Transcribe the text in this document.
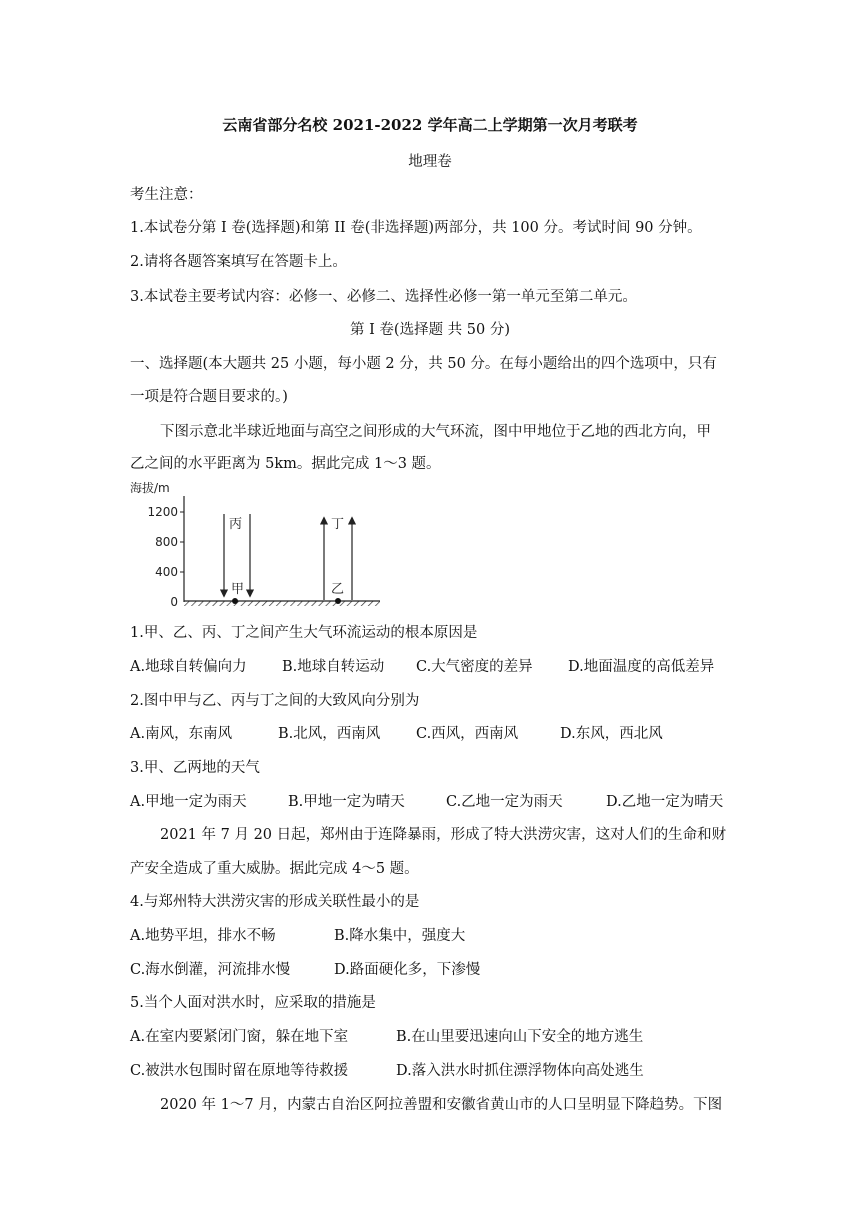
云南省部分名校 2021-2022 学年高二上学期第一次月考联考
地理卷
考生注意：
1.本试卷分第 I 卷(选择题)和第 II 卷(非选择题)两部分，共 100 分。考试时间 90 分钟。
2.请将各题答案填写在答题卡上。
3.本试卷主要考试内容：必修一、必修二、选择性必修一第一单元至第二单元。
第 I 卷(选择题 共 50 分)
一、选择题(本大题共 25 小题，每小题 2 分，共 50 分。在每小题给出的四个选项中，只有
一项是符合题目要求的。)
下图示意北半球近地面与高空之间形成的大气环流，图中甲地位于乙地的西北方向，甲
乙之间的水平距离为 5km。据此完成 1～3 题。
海拔/m
1200
800
400
0
丙
甲
丁
乙
1.甲、乙、丙、丁之间产生大气环流运动的根本原因是
A.地球自转偏向力 B.地球自转运动 C.大气密度的差异 D.地面温度的高低差异
2.图中甲与乙、丙与丁之间的大致风向分别为
A.南风，东南风	B.北风，西南风 C.西风，西南风	D.东风，西北风
3.甲、乙两地的天气
A.甲地一定为雨天	B.甲地一定为晴天	C.乙地一定为雨天	D.乙地一定为晴天
2021 年 7 月 20 日起，郑州由于连降暴雨，形成了特大洪涝灾害，这对人们的生命和财
产安全造成了重大威胁。据此完成 4～5 题。
4.与郑州特大洪涝灾害的形成关联性最小的是
A.地势平坦，排水不畅	B.降水集中，强度大
C.海水倒灌，河流排水慢	D.路面硬化多，下渗慢
5.当个人面对洪水时，应采取的措施是
A.在室内要紧闭门窗，躲在地下室	B.在山里要迅速向山下安全的地方逃生
C.被洪水包围时留在原地等待救援	D.落入洪水时抓住漂浮物体向高处逃生
2020 年 1～7 月，内蒙古自治区阿拉善盟和安徽省黄山市的人口呈明显下降趋势。下图
